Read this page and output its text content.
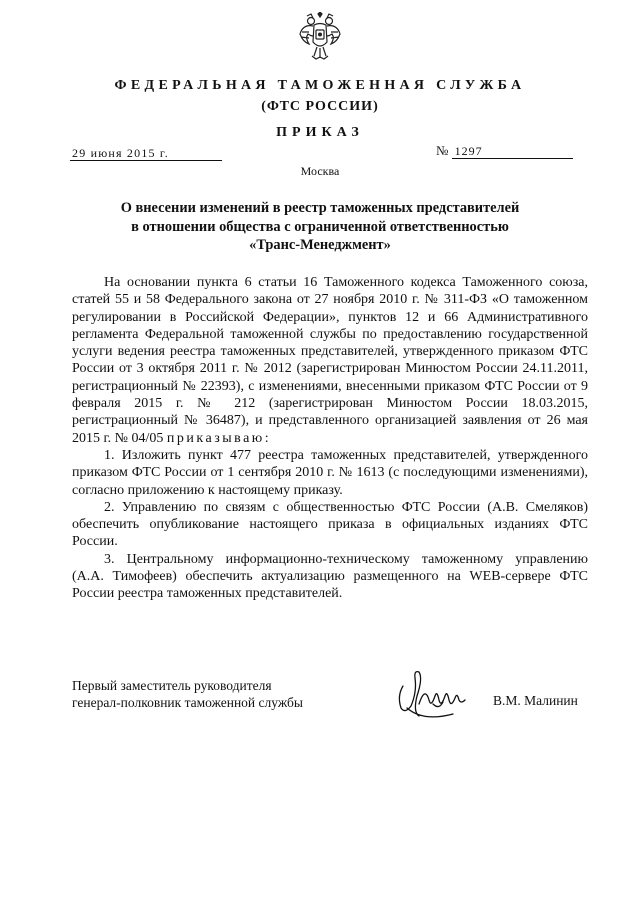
ФЕДЕРАЛЬНАЯ ТАМОЖЕННАЯ СЛУЖБА
(ФТС РОССИИ)
ПРИКАЗ
29 июня 2015 г.	№ 1297
Москва
О внесении изменений в реестр таможенных представителей
в отношении общества с ограниченной ответственностью
«Транс-Менеджмент»

На основании пункта 6 статьи 16 Таможенного кодекса Таможенного союза, статей 55 и 58 Федерального закона от 27 ноября 2010 г. № 311-ФЗ «О таможенном регулировании в Российской Федерации», пунктов 12 и 66 Административного регламента Федеральной таможенной службы по предоставлению государственной услуги ведения реестра таможенных представителей, утвержденного приказом ФТС России от 3 октября 2011 г. № 2012 (зарегистрирован Минюстом России 24.11.2011, регистрационный № 22393), с изменениями, внесенными приказом ФТС России от 9 февраля 2015 г. № 212 (зарегистрирован Минюстом России 18.03.2015, регистрационный № 36487), и представленного организацией заявления от 26 мая 2015 г. № 04/05 приказываю:

1. Изложить пункт 477 реестра таможенных представителей, утвержденного приказом ФТС России от 1 сентября 2010 г. № 1613 (с последующими изменениями), согласно приложению к настоящему приказу.

2. Управлению по связям с общественностью ФТС России (А.В. Смеляков) обеспечить опубликование настоящего приказа в официальных изданиях ФТС России.

3. Центральному информационно-техническому таможенному управлению (А.А. Тимофеев) обеспечить актуализацию размещенного на WEB-сервере ФТС России реестра таможенных представителей.

Первый заместитель руководителя
генерал-полковник таможенной службы	В.М. Малинин
